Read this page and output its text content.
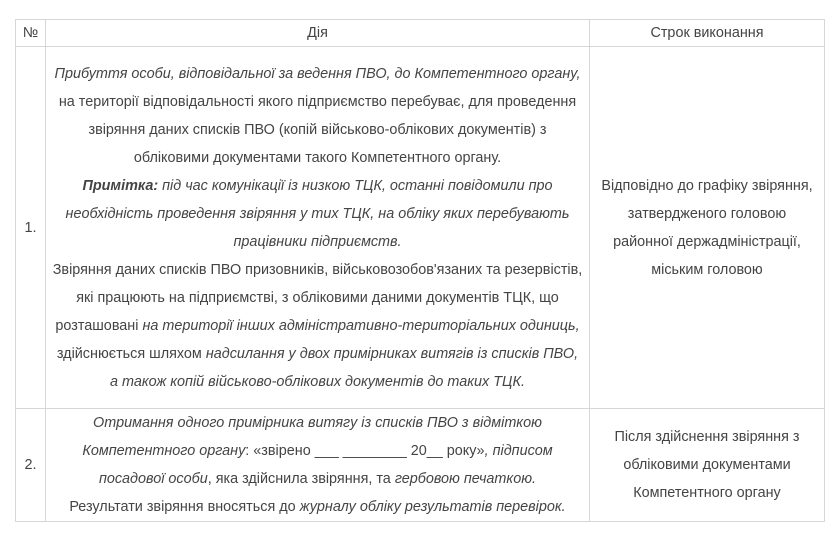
№	Дія	Строк виконання
1.	Прибуття особи, відповідальної за ведення ПВО, до Компетентного органу, на території відповідальності якого підприємство перебуває, для проведення звіряння даних списків ПВО (копій військово-облікових документів) з обліковими документами такого Компетентного органу.

Примітка: під час комунікації із низкою ТЦК, останні повідомили про необхідність проведення звіряння у тих ТЦК, на обліку яких перебувають працівники підприємств.

Звіряння даних списків ПВО призовників, військовозобов'язаних та резервістів, які працюють на підприємстві, з обліковими даними документів ТЦК, що розташовані на території інших адміністративно-територіальних одиниць, здійснюється шляхом надсилання у двох примірниках витягів із списків ПВО, а також копій військово-облікових документів до таких ТЦК.	Відповідно до графіку звіряння, затвердженого головою районної держадміністрації, міським головою
2.	Отримання одного примірника витягу із списків ПВО з відміткою Компетентного органу: «звірено ___ ________ 20__ року», підписом посадової особи, яка здійснила звіряння, та гербовою печаткою.

Результати звіряння вносяться до журналу обліку результатів перевірок.	Після здійснення звіряння з обліковими документами Компетентного органу
